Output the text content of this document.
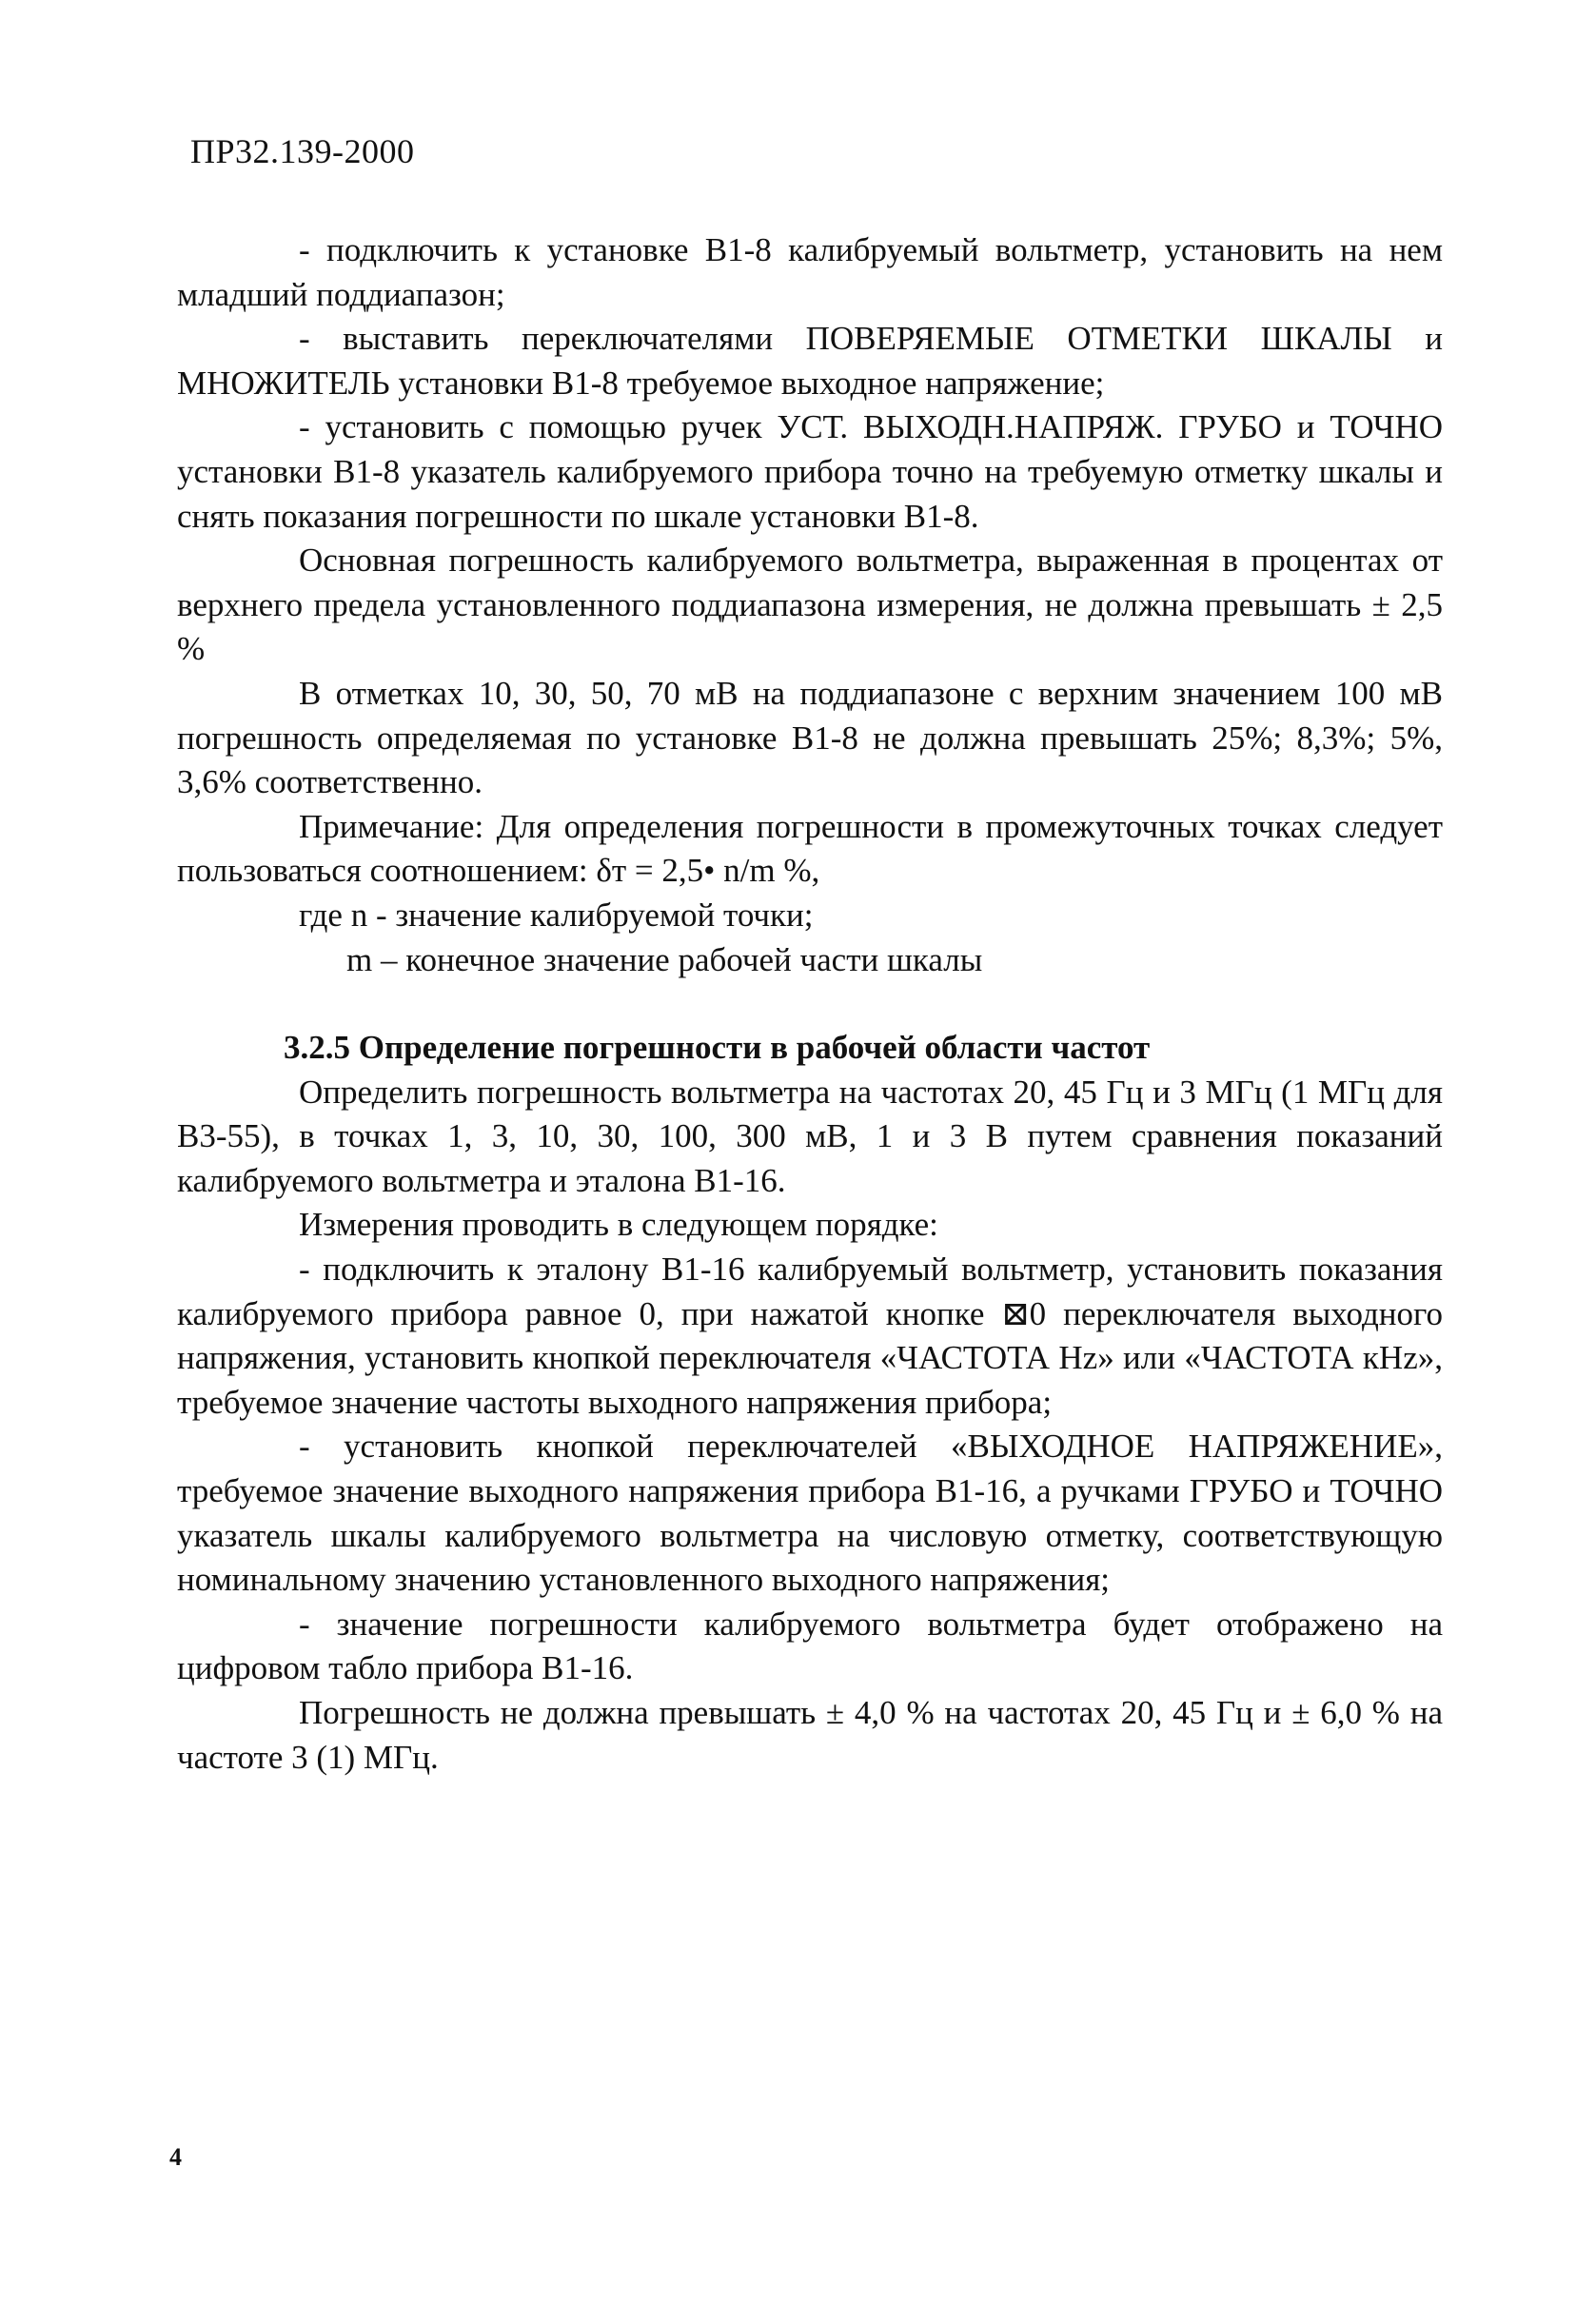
ПР32.139-2000

- подключить к установке В1-8 калибруемый вольтметр, установить на нем младший поддиапазон;

- выставить переключателями ПОВЕРЯЕМЫЕ ОТМЕТКИ ШКАЛЫ и МНОЖИТЕЛЬ установки В1-8 требуемое выходное напряжение;

- установить с помощью ручек УСТ. ВЫХОДН.НАПРЯЖ. ГРУБО и ТОЧНО установки В1-8 указатель калибруемого прибора точно на требуемую отметку шкалы и снять показания погрешности по шкале установки В1-8.

Основная погрешность калибруемого вольтметра, выраженная в процентах от верхнего предела установленного поддиапазона измерения, не должна превышать ± 2,5 %

В отметках 10, 30, 50, 70 мВ на поддиапазоне с верхним значением 100 мВ погрешность определяемая по установке В1-8 не должна превышать 25%; 8,3%; 5%, 3,6% соответственно.

Примечание: Для определения погрешности в промежуточных точках следует пользоваться соотношением: δт = 2,5• n/m %,

где n - значение калибруемой точки;

m – конечное значение рабочей части шкалы

3.2.5 Определение погрешности в рабочей области частот

Определить погрешность вольтметра на частотах 20, 45 Гц и 3 МГц (1 МГц для В3-55), в точках 1, 3, 10, 30, 100, 300 мВ, 1 и 3 В путем сравнения показаний калибруемого вольтметра и эталона В1-16.

Измерения проводить в следующем порядке:

- подключить к эталону В1-16 калибруемый вольтметр, установить показания калибруемого прибора равное 0, при нажатой кнопке ⊠0 переключателя выходного напряжения, установить кнопкой переключателя «ЧАСТОТА Hz» или «ЧАСТОТА кHz», требуемое значение частоты выходного напряжения прибора;

- установить кнопкой переключателей «ВЫХОДНОЕ НАПРЯЖЕНИЕ», требуемое значение выходного напряжения прибора В1-16, а ручками ГРУБО и ТОЧНО указатель шкалы калибруемого вольтметра на числовую отметку, соответствующую номинальному значению установленного выходного напряжения;

- значение погрешности калибруемого вольтметра будет отображено на цифровом табло прибора В1-16.

Погрешность не должна превышать ± 4,0 % на частотах 20, 45 Гц и ± 6,0 % на частоте 3 (1) МГц.

4
